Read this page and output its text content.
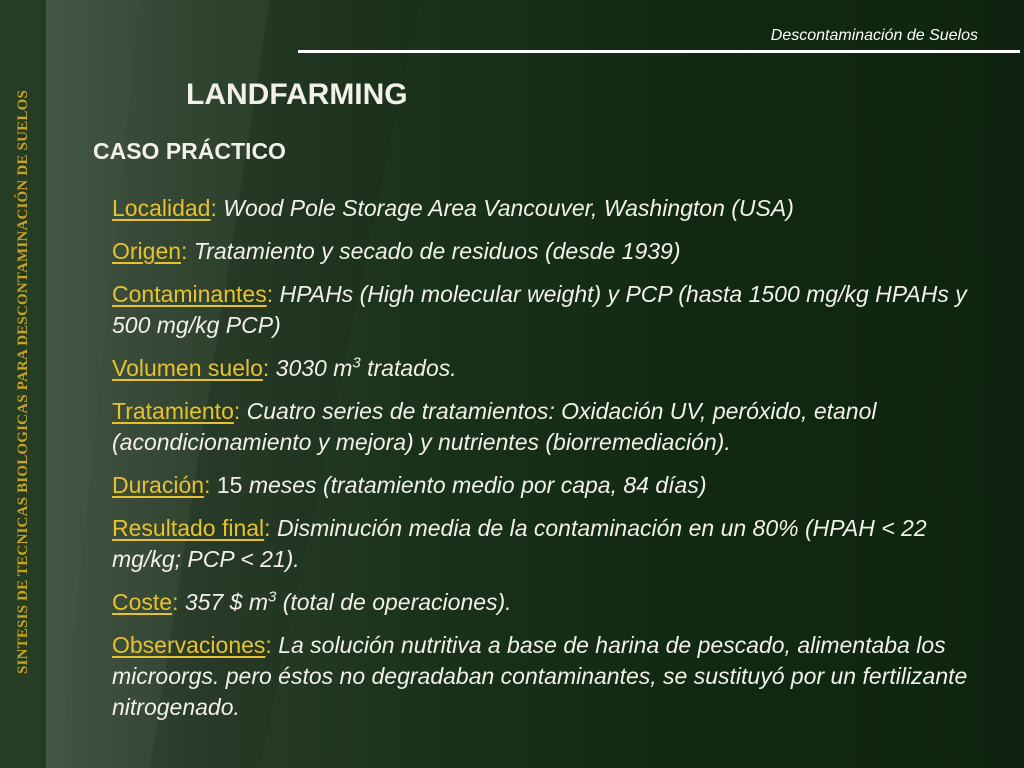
SINTESIS DE TECNICAS BIOLOGICAS PARA DESCONTAMINACIÓN DE SUELOS
Descontaminación de Suelos
LANDFARMING
CASO PRÁCTICO
Localidad: Wood Pole Storage Area Vancouver, Washington (USA)
Origen: Tratamiento y secado de residuos (desde 1939)
Contaminantes: HPAHs (High molecular weight) y PCP (hasta 1500 mg/kg HPAHs y 500 mg/kg PCP)
Volumen suelo: 3030 $m^3$ tratados.
Tratamiento: Cuatro series de tratamientos: Oxidación UV, peróxido, etanol (acondicionamiento y mejora) y nutrientes (biorremediación).
Duración: 15 meses (tratamiento medio por capa, 84 días)
Resultado final: Disminución media de la contaminación en un 80% (HPAH < 22 mg/kg; PCP < 21).
Coste: 357 $ $m^3$ (total de operaciones).
Observaciones: La solución nutritiva a base de harina de pescado, alimentaba los microorgs. pero éstos no degradaban contaminantes, se sustituyó por un fertilizante nitrogenado.
